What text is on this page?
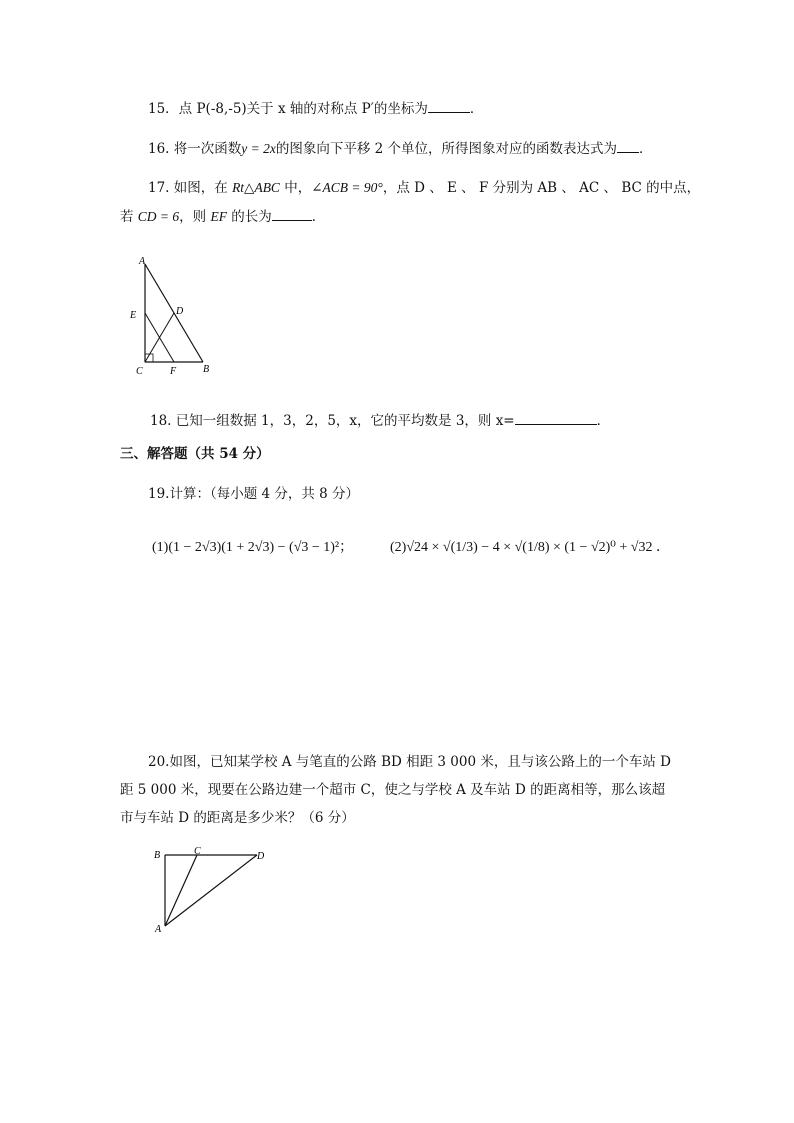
15．点 P(-8,-5)关于 x 轴的对称点 P′的坐标为	．
16. 将一次函数y = 2x的图象向下平移 2 个单位，所得图象对应的函数表达式为 ．
17. 如图，在 Rt△ABC 中，∠ACB = 90°，点 D 、 E 、 F 分别为 AB 、 AC 、 BC 的中点，
若 CD = 6，则 EF 的长为	．
A
E	D
C	F	B
18. 已知一组数据 1，3，2，5，x，它的平均数是 3，则 x=	．
三、解答题（共 54 分）
19.计算：（每小题 4 分，共 8 分）
(1)(1 − 2√3)(1 + 2√3) − (√3 − 1)²；	(2)√24 × √(1/3) − 4 × √(1/8) × (1 − √2)⁰ + √32 ．
20.如图，已知某学校 A 与笔直的公路 BD 相距 3 000 米，且与该公路上的一个车站 D
距 5 000 米，现要在公路边建一个超市 C，使之与学校 A 及车站 D 的距离相等，那么该超
市与车站 D 的距离是多少米？（6 分）
B	C	D
A
